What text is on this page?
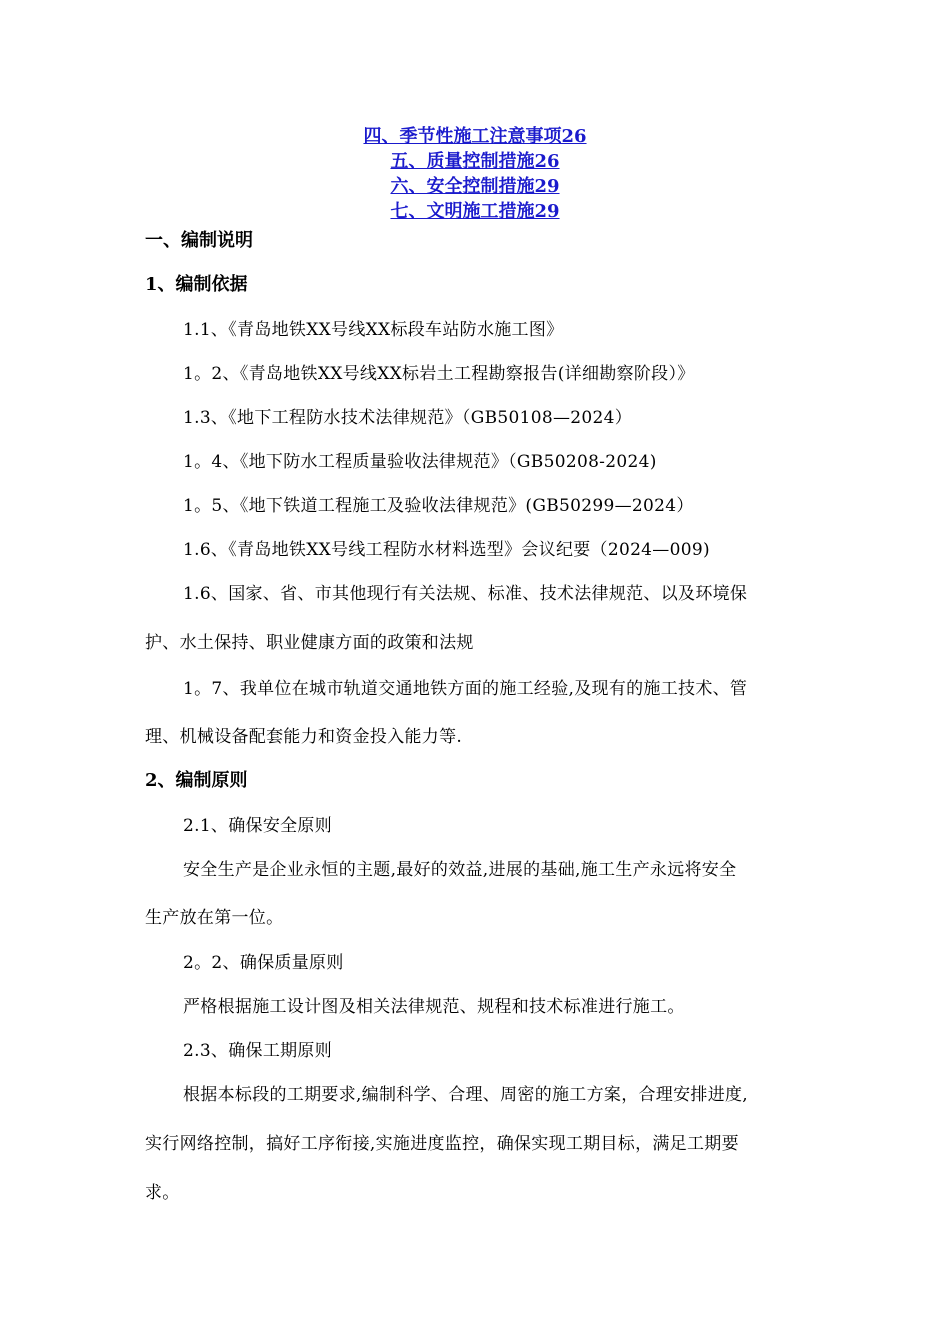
四、季节性施工注意事项26
五、质量控制措施26
六、安全控制措施29
七、文明施工措施29
一、编制说明
1、编制依据
1.1、《青岛地铁XX号线XX标段车站防水施工图》
1。2、《青岛地铁XX号线XX标岩土工程勘察报告(详细勘察阶段）》
1.3、《地下工程防水技术法律规范》（GB50108—2024）
1。4、《地下防水工程质量验收法律规范》（GB50208-2024)
1。5、《地下铁道工程施工及验收法律规范》(GB50299—2024）
1.6、《青岛地铁XX号线工程防水材料选型》会议纪要（2024—009)
1.6、国家、省、市其他现行有关法规、标准、技术法律规范、以及环境保
护、水土保持、职业健康方面的政策和法规
1。7、我单位在城市轨道交通地铁方面的施工经验,及现有的施工技术、管
理、机械设备配套能力和资金投入能力等.
2、编制原则
2.1、确保安全原则
安全生产是企业永恒的主题,最好的效益,进展的基础,施工生产永远将安全
生产放在第一位。
2。2、确保质量原则
严格根据施工设计图及相关法律规范、规程和技术标准进行施工。
2.3、确保工期原则
根据本标段的工期要求,编制科学、合理、周密的施工方案，合理安排进度,
实行网络控制，搞好工序衔接,实施进度监控，确保实现工期目标，满足工期要
求。
